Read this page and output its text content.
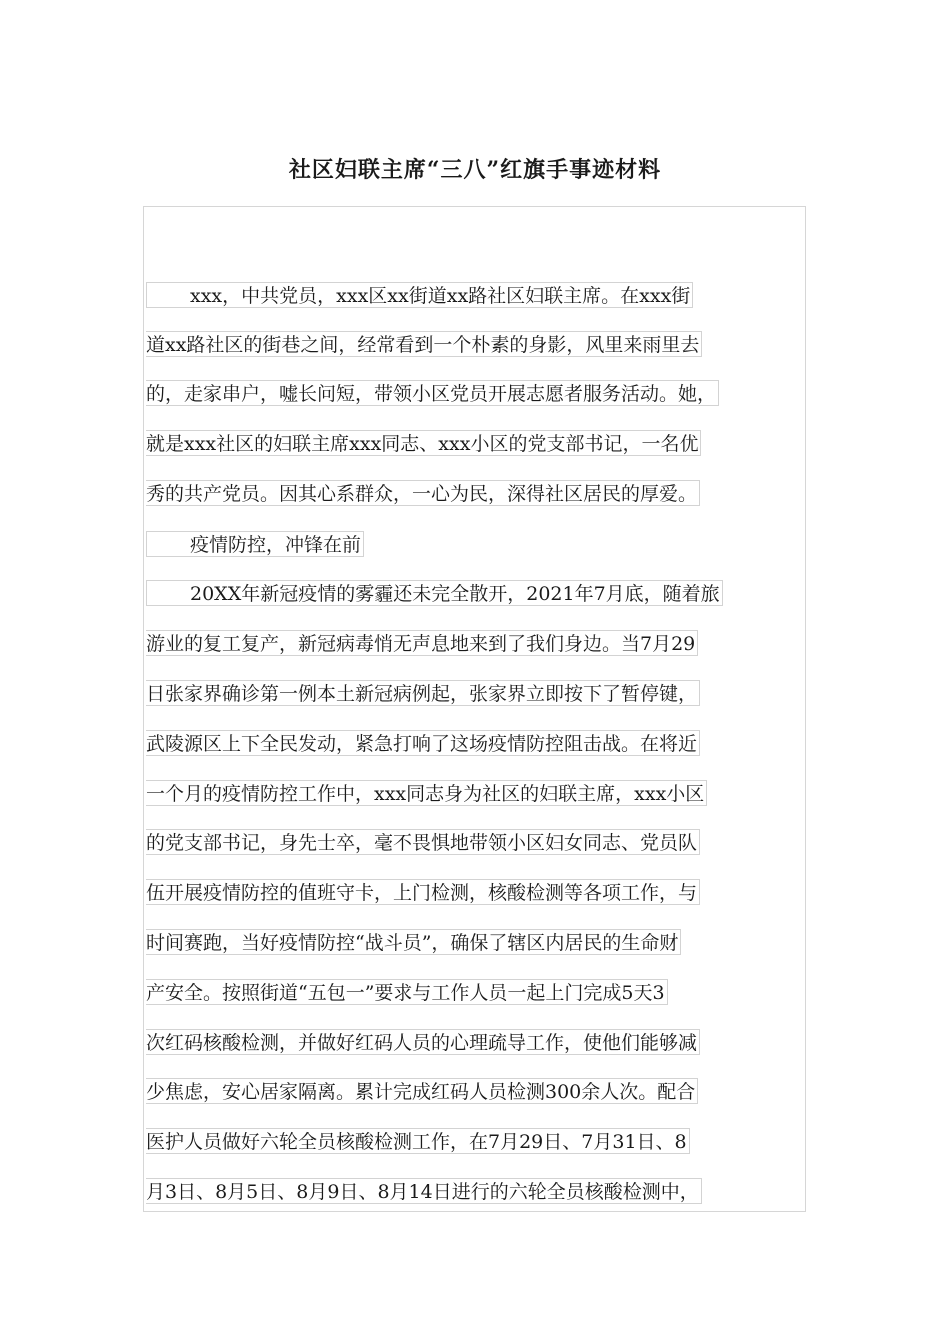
社区妇联主席“三八”红旗手事迹材料
xxx，中共党员，xxx区xx街道xx路社区妇联主席。在xxx街
道xx路社区的街巷之间，经常看到一个朴素的身影，风里来雨里去
的，走家串户，嘘长问短，带领小区党员开展志愿者服务活动。她，
就是xxx社区的妇联主席xxx同志、xxx小区的党支部书记，一名优
秀的共产党员。因其心系群众，一心为民，深得社区居民的厚爱。
疫情防控，冲锋在前
20XX年新冠疫情的雾霾还未完全散开，2021年7月底，随着旅
游业的复工复产，新冠病毒悄无声息地来到了我们身边。当7月29
日张家界确诊第一例本土新冠病例起，张家界立即按下了暂停键，
武陵源区上下全民发动，紧急打响了这场疫情防控阻击战。在将近
一个月的疫情防控工作中，xxx同志身为社区的妇联主席，xxx小区
的党支部书记，身先士卒，毫不畏惧地带领小区妇女同志、党员队
伍开展疫情防控的值班守卡，上门检测，核酸检测等各项工作，与
时间赛跑，当好疫情防控“战斗员”，确保了辖区内居民的生命财
产安全。按照街道“五包一”要求与工作人员一起上门完成5天3
次红码核酸检测，并做好红码人员的心理疏导工作，使他们能够减
少焦虑，安心居家隔离。累计完成红码人员检测300余人次。配合
医护人员做好六轮全员核酸检测工作，在7月29日、7月31日、8
月3日、8月5日、8月9日、8月14日进行的六轮全员核酸检测中，
